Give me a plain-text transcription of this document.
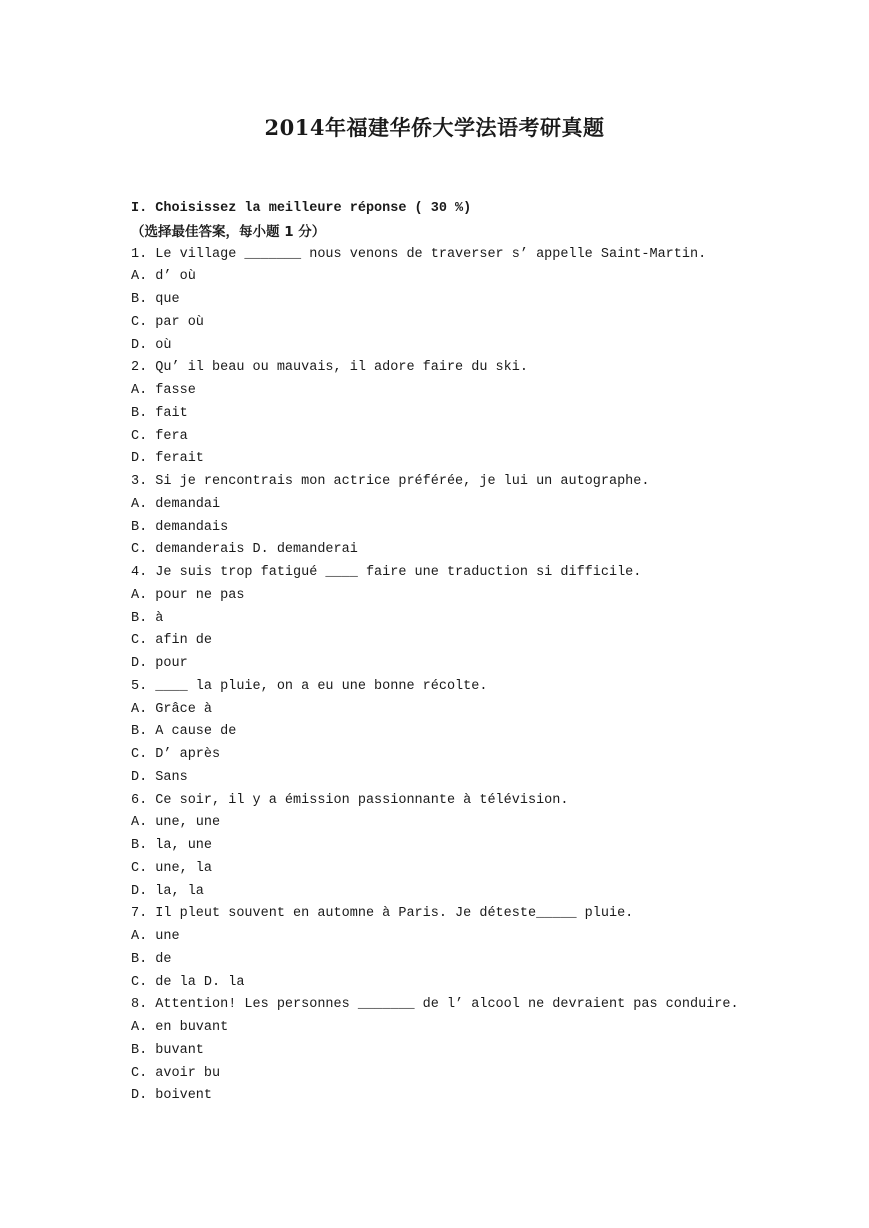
2014年福建华侨大学法语考研真题
I. Choisissez la meilleure réponse ( 30 %)
（选择最佳答案，每小题 1 分）
1. Le village _______ nous venons de traverser s’ appelle Saint-Martin.
A. d’ où
B. que
C. par où
D. où
2. Qu’ il beau ou mauvais, il adore faire du ski.
A. fasse
B. fait
C. fera
D. ferait
3. Si je rencontrais mon actrice préférée, je lui un autographe.
A. demandai
B. demandais
C. demanderais D. demanderai
4. Je suis trop fatigué ____ faire une traduction si difficile.
A. pour ne pas
B. à
C. afin de
D. pour
5. ____ la pluie, on a eu une bonne récolte.
A. Grâce à
B. A cause de
C. D’ après
D. Sans
6. Ce soir, il y a émission passionnante à télévision.
A. une, une
B. la, une
C. une, la
D. la, la
7. Il pleut souvent en automne à Paris. Je déteste_____ pluie.
A. une
B. de
C. de la D. la
8. Attention! Les personnes _______ de l’ alcool ne devraient pas conduire.
A. en buvant
B. buvant
C. avoir bu
D. boivent
